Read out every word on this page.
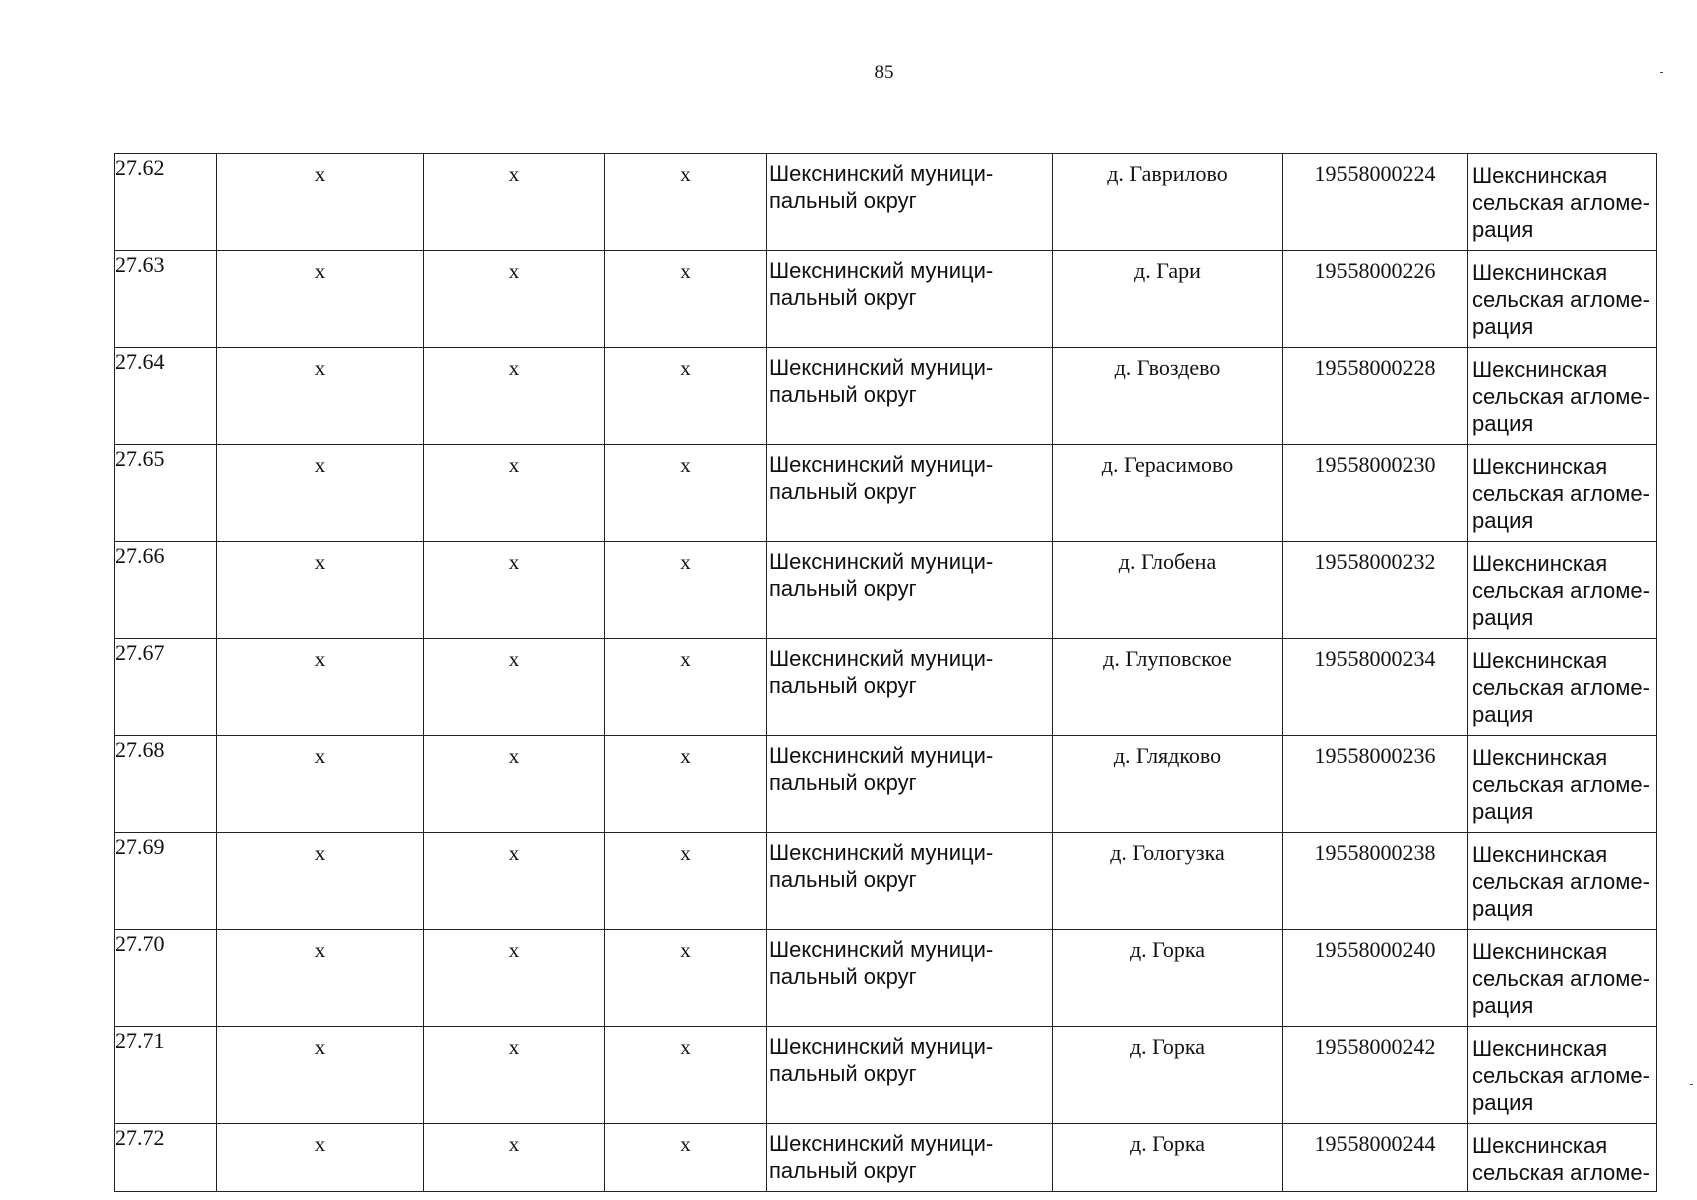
85
27.62	x	x	x	Шекснинский муници-пальный округ	д. Гаврилово	19558000224	Шекснинская сельская агломе-рация
27.63	x	x	x	Шекснинский муници-пальный округ	д. Гари	19558000226	Шекснинская сельская агломе-рация
27.64	x	x	x	Шекснинский муници-пальный округ	д. Гвоздево	19558000228	Шекснинская сельская агломе-рация
27.65	x	x	x	Шекснинский муници-пальный округ	д. Герасимово	19558000230	Шекснинская сельская агломе-рация
27.66	x	x	x	Шекснинский муници-пальный округ	д. Глобена	19558000232	Шекснинская сельская агломе-рация
27.67	x	x	x	Шекснинский муници-пальный округ	д. Глуповское	19558000234	Шекснинская сельская агломе-рация
27.68	x	x	x	Шекснинский муници-пальный округ	д. Глядково	19558000236	Шекснинская сельская агломе-рация
27.69	x	x	x	Шекснинский муници-пальный округ	д. Гологузка	19558000238	Шекснинская сельская агломе-рация
27.70	x	x	x	Шекснинский муници-пальный округ	д. Горка	19558000240	Шекснинская сельская агломе-рация
27.71	x	x	x	Шекснинский муници-пальный округ	д. Горка	19558000242	Шекснинская сельская агломе-рация
27.72	x	x	x	Шекснинский муници-пальный округ	д. Горка	19558000244	Шекснинская сельская агломе-
